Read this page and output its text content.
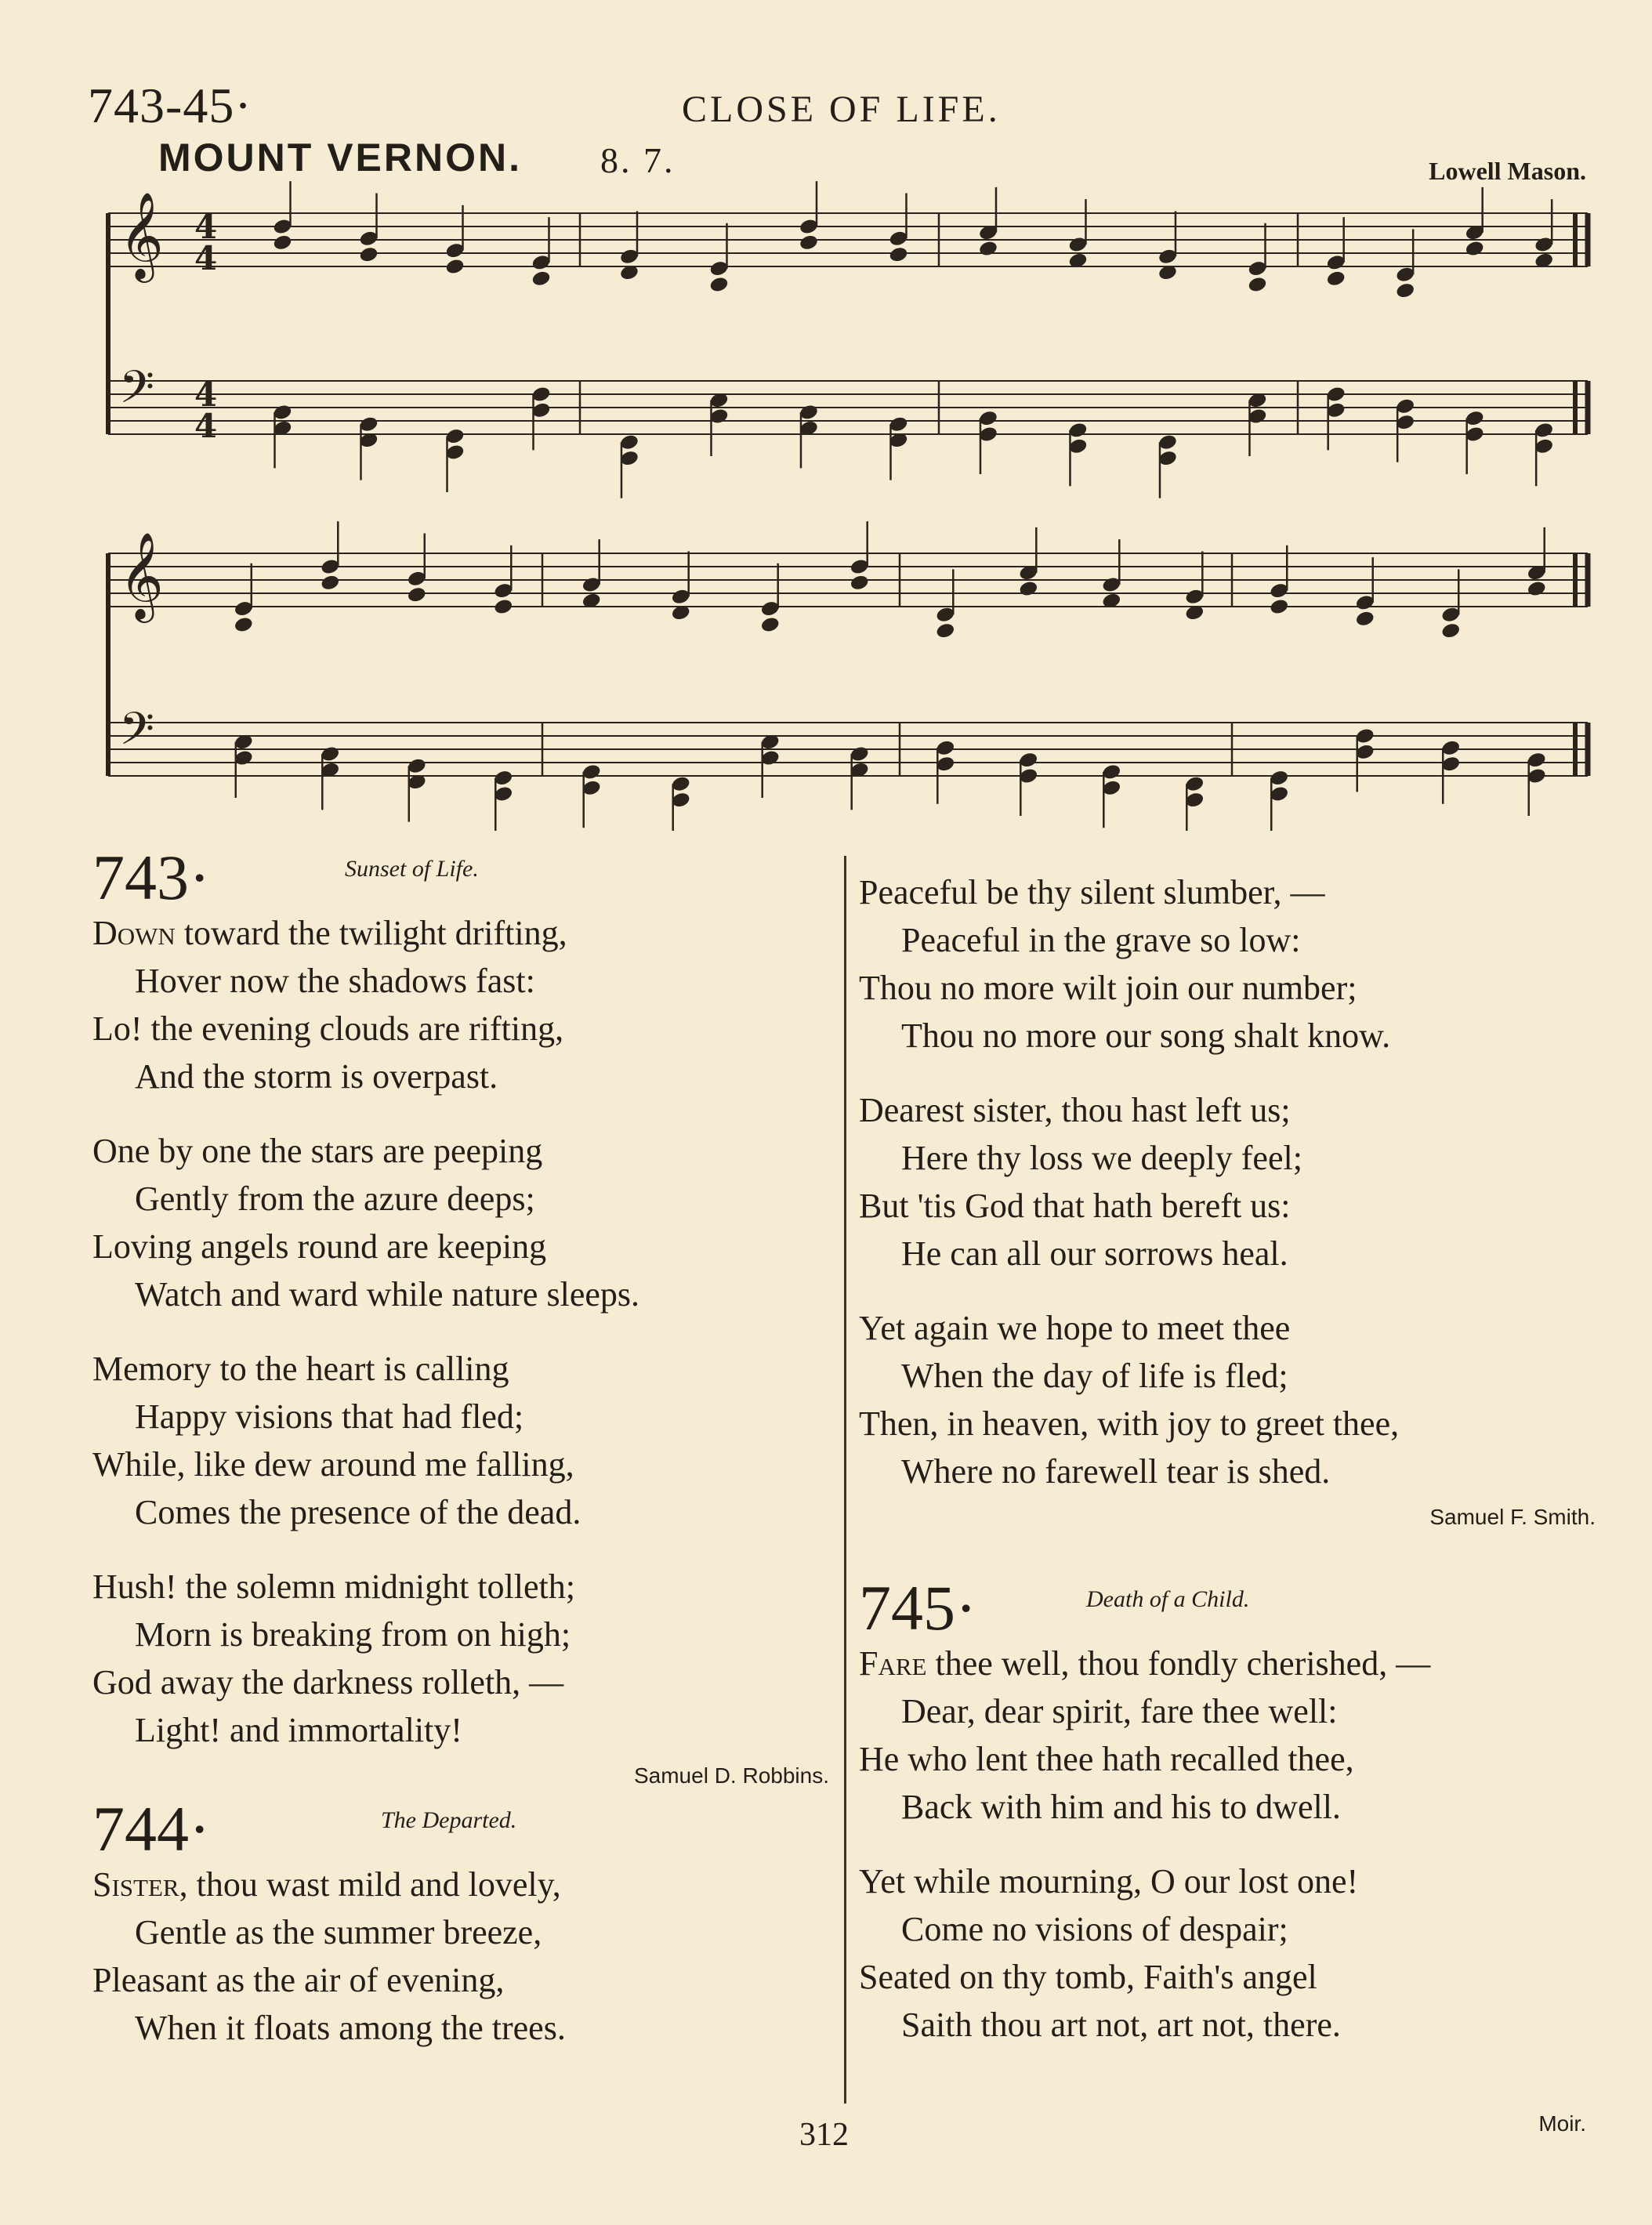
743-45·	CLOSE OF LIFE.
MOUNT VERNON. 8. 7.	Lowell Mason.
𝄞 4
4
𝄢 4
4
𝄞
𝄢
743·	Sunset of Life.
Down toward the twilight drifting,
Hover now the shadows fast:
Lo! the evening clouds are rifting,
And the storm is overpast.
One by one the stars are peeping
Gently from the azure deeps;
Loving angels round are keeping
Watch and ward while nature sleeps.
Memory to the heart is calling
Happy visions that had fled;
While, like dew around me falling,
Comes the presence of the dead.
Hush! the solemn midnight tolleth;
Morn is breaking from on high;
God away the darkness rolleth, —
Light! and immortality!
Samuel D. Robbins.
744·	The Departed.
Sister, thou wast mild and lovely,
Gentle as the summer breeze,
Pleasant as the air of evening,
When it floats among the trees.
Peaceful be thy silent slumber, —
Peaceful in the grave so low:
Thou no more wilt join our number;
Thou no more our song shalt know.
Dearest sister, thou hast left us;
Here thy loss we deeply feel;
But 'tis God that hath bereft us:
He can all our sorrows heal.
Yet again we hope to meet thee
When the day of life is fled;
Then, in heaven, with joy to greet thee,
Where no farewell tear is shed.
Samuel F. Smith.
745·	Death of a Child.
Fare thee well, thou fondly cherished, —
Dear, dear spirit, fare thee well:
He who lent thee hath recalled thee,
Back with him and his to dwell.
Yet while mourning, O our lost one!
Come no visions of despair;
Seated on thy tomb, Faith's angel
Saith thou art not, art not, there.
312	Moir.
